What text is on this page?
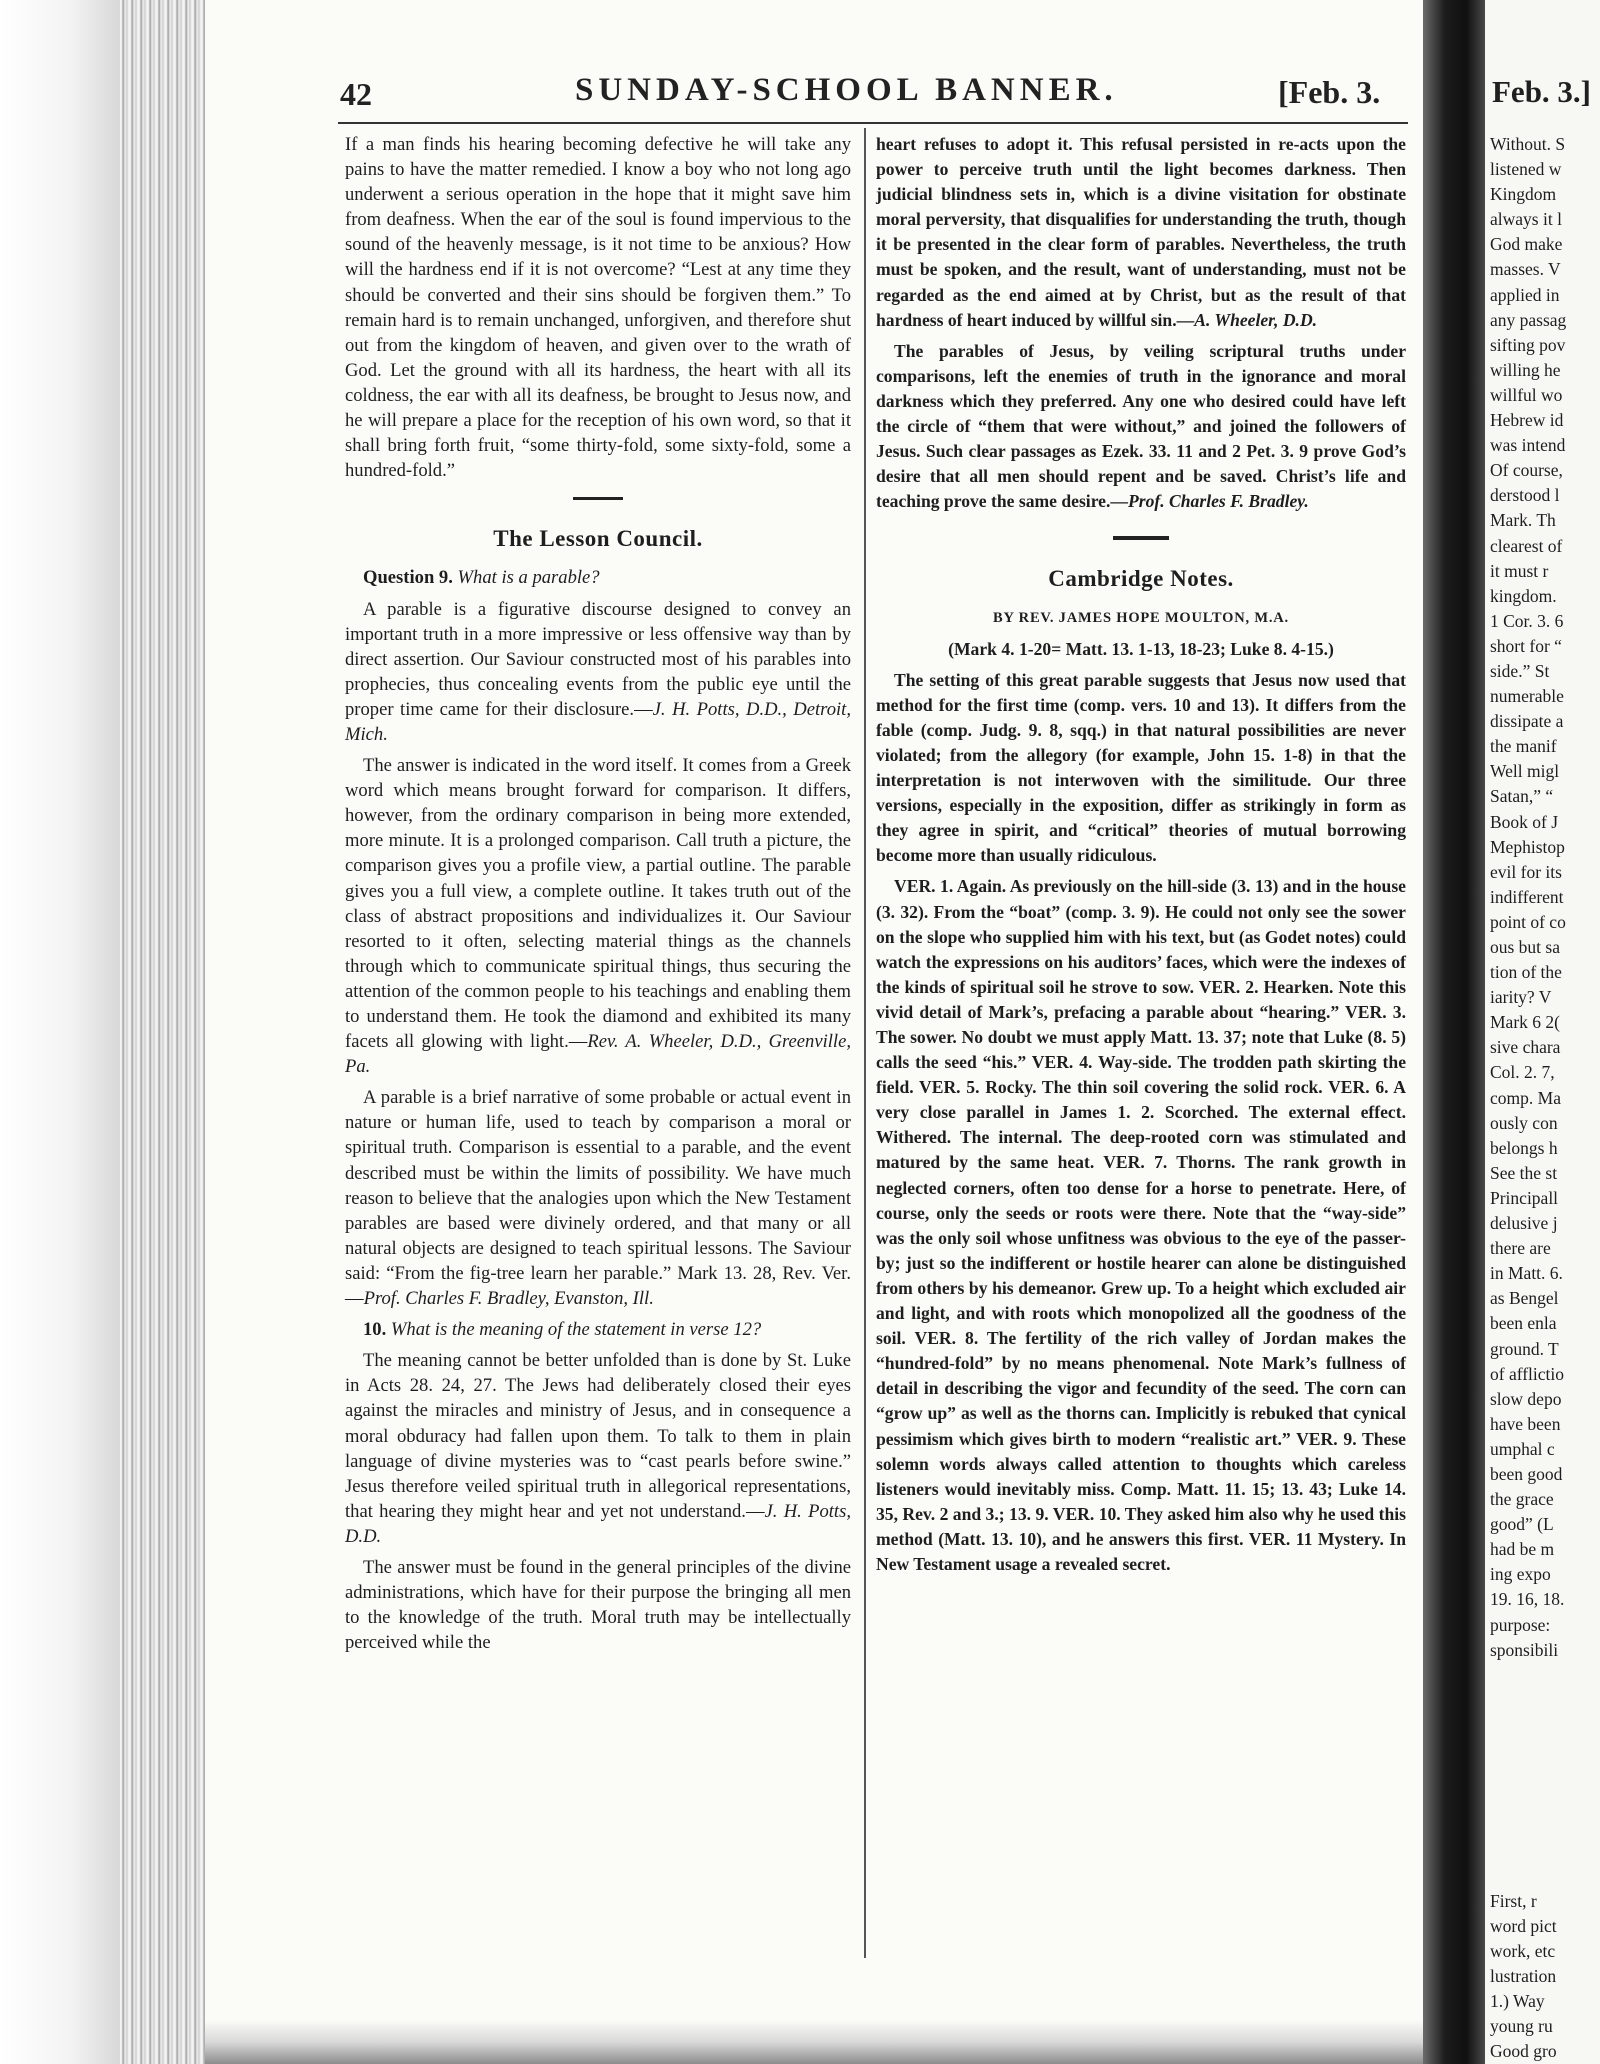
42	SUNDAY-SCHOOL BANNER.	[Feb. 3.

If a man finds his hearing becoming defective he will take any pains to have the matter remedied. I know a boy who not long ago underwent a serious operation in the hope that it might save him from deafness. When the ear of the soul is found impervious to the sound of the heavenly message, is it not time to be anxious? How will the hardness end if it is not overcome? “Lest at any time they should be converted and their sins should be forgiven them.” To remain hard is to remain unchanged, unforgiven, and therefore shut out from the kingdom of heaven, and given over to the wrath of God. Let the ground with all its hardness, the heart with all its coldness, the ear with all its deafness, be brought to Jesus now, and he will prepare a place for the reception of his own word, so that it shall bring forth fruit, “some thirty-fold, some sixty-fold, some a hundred-fold.”

The Lesson Council.

Question 9. What is a parable?

A parable is a figurative discourse designed to convey an important truth in a more impressive or less offensive way than by direct assertion. Our Saviour constructed most of his parables into prophecies, thus concealing events from the public eye until the proper time came for their disclosure.—J. H. Potts, D.D., Detroit, Mich.

The answer is indicated in the word itself. It comes from a Greek word which means brought forward for comparison. It differs, however, from the ordinary comparison in being more extended, more minute. It is a prolonged comparison. Call truth a picture, the comparison gives you a profile view, a partial outline. The parable gives you a full view, a complete outline. It takes truth out of the class of abstract propositions and individualizes it. Our Saviour resorted to it often, selecting material things as the channels through which to communicate spiritual things, thus securing the attention of the common people to his teachings and enabling them to understand them. He took the diamond and exhibited its many facets all glowing with light.—Rev. A. Wheeler, D.D., Greenville, Pa.

A parable is a brief narrative of some probable or actual event in nature or human life, used to teach by comparison a moral or spiritual truth. Comparison is essential to a parable, and the event described must be within the limits of possibility. We have much reason to believe that the analogies upon which the New Testament parables are based were divinely ordered, and that many or all natural objects are designed to teach spiritual lessons. The Saviour said: “From the fig-tree learn her parable.” Mark 13. 28, Rev. Ver.—Prof. Charles F. Bradley, Evanston, Ill.

10. What is the meaning of the statement in verse 12?

The meaning cannot be better unfolded than is done by St. Luke in Acts 28. 24, 27. The Jews had deliberately closed their eyes against the miracles and ministry of Jesus, and in consequence a moral obduracy had fallen upon them. To talk to them in plain language of divine mysteries was to “cast pearls before swine.” Jesus therefore veiled spiritual truth in allegorical representations, that hearing they might hear and yet not understand.—J. H. Potts, D.D.

The answer must be found in the general principles of the divine administrations, which have for their purpose the bringing all men to the knowledge of the truth. Moral truth may be intellectually perceived while the

heart refuses to adopt it. This refusal persisted in re-acts upon the power to perceive truth until the light becomes darkness. Then judicial blindness sets in, which is a divine visitation for obstinate moral perversity, that disqualifies for understanding the truth, though it be presented in the clear form of parables. Nevertheless, the truth must be spoken, and the result, want of understanding, must not be regarded as the end aimed at by Christ, but as the result of that hardness of heart induced by willful sin.—A. Wheeler, D.D.

The parables of Jesus, by veiling scriptural truths under comparisons, left the enemies of truth in the ignorance and moral darkness which they preferred. Any one who desired could have left the circle of “them that were without,” and joined the followers of Jesus. Such clear passages as Ezek. 33. 11 and 2 Pet. 3. 9 prove God’s desire that all men should repent and be saved. Christ’s life and teaching prove the same desire.—Prof. Charles F. Bradley.

Cambridge Notes.
BY REV. JAMES HOPE MOULTON, M.A.
(Mark 4. 1-20= Matt. 13. 1-13, 18-23; Luke 8. 4-15.)

The setting of this great parable suggests that Jesus now used that method for the first time (comp. vers. 10 and 13). It differs from the fable (comp. Judg. 9. 8, sqq.) in that natural possibilities are never violated; from the allegory (for example, John 15. 1-8) in that the interpretation is not interwoven with the similitude. Our three versions, especially in the exposition, differ as strikingly in form as they agree in spirit, and “critical” theories of mutual borrowing become more than usually ridiculous.

VER. 1. Again. As previously on the hill-side (3. 13) and in the house (3. 32). From the “boat” (comp. 3. 9). He could not only see the sower on the slope who supplied him with his text, but (as Godet notes) could watch the expressions on his auditors’ faces, which were the indexes of the kinds of spiritual soil he strove to sow. VER. 2. Hearken. Note this vivid detail of Mark’s, prefacing a parable about “hearing.” VER. 3. The sower. No doubt we must apply Matt. 13. 37; note that Luke (8. 5) calls the seed “his.” VER. 4. Way-side. The trodden path skirting the field. VER. 5. Rocky. The thin soil covering the solid rock. VER. 6. A very close parallel in James 1. 2. Scorched. The external effect. Withered. The internal. The deep-rooted corn was stimulated and matured by the same heat. VER. 7. Thorns. The rank growth in neglected corners, often too dense for a horse to penetrate. Here, of course, only the seeds or roots were there. Note that the “way-side” was the only soil whose unfitness was obvious to the eye of the passer-by; just so the indifferent or hostile hearer can alone be distinguished from others by his demeanor. Grew up. To a height which excluded air and light, and with roots which monopolized all the goodness of the soil. VER. 8. The fertility of the rich valley of Jordan makes the “hundred-fold” by no means phenomenal. Note Mark’s fullness of detail in describing the vigor and fecundity of the seed. The corn can “grow up” as well as the thorns can. Implicitly is rebuked that cynical pessimism which gives birth to modern “realistic art.” VER. 9. These solemn words always called attention to thoughts which careless listeners would inevitably miss. Comp. Matt. 11. 15; 13. 43; Luke 14. 35, Rev. 2 and 3.; 13. 9. VER. 10. They asked him also why he used this method (Matt. 13. 10), and he answers this first. VER. 11 Mystery. In New Testament usage a revealed secret.

Feb. 3.]
Without. S
listened w
Kingdom
always it l
God make
masses. V
applied in
any passag
sifting pov
willing he
willful wo
Hebrew id
was intend
Of course,
derstood l
Mark. Th
clearest of
it must r
kingdom.
1 Cor. 3. 6
short for “
side.” St
numerable
dissipate a
the manif
Well migl
Satan,” “
Book of J
Mephistop
evil for its
indifferent
point of co
ous but sa
tion of the
iarity? V
Mark 6 2(
sive chara
Col. 2. 7,
comp. Ma
ously con
belongs h
See the st
Principall
delusive j
there are
in Matt. 6.
as Bengel
been enla
ground. T
of afflictio
slow depo
have been
umphal c
been good
the grace
good” (L
had be m
ing expo
19. 16, 18.
purpose:
sponsibili
First, r
word pict
work, etc
lustration
1.) Way
young ru
Good gro
